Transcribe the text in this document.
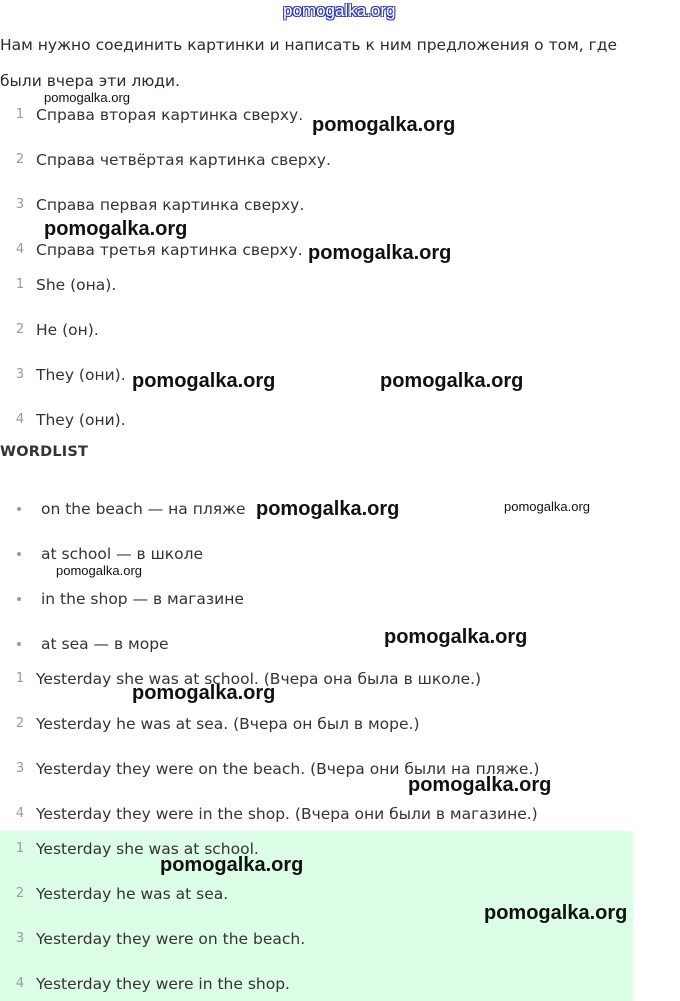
pomogalka.org
Нам нужно соединить картинки и написать к ним предложения о том, где были вчера эти люди.
1 Справа вторая картинка сверху.
2 Справа четвёртая картинка сверху.
3 Справа первая картинка сверху.
4 Справа третья картинка сверху.
1 She (она).
2 He (он).
3 They (они).
4 They (они).
WORDLIST
on the beach — на пляже
at school — в школе
in the shop — в магазине
at sea — в море
1 Yesterday she was at school. (Вчера она была в школе.)
2 Yesterday he was at sea. (Вчера он был в море.)
3 Yesterday they were on the beach. (Вчера они были на пляже.)
4 Yesterday they were in the shop. (Вчера они были в магазине.)
1 Yesterday she was at school.
2 Yesterday he was at sea.
3 Yesterday they were on the beach.
4 Yesterday they were in the shop.
pomogalka.org
pomogalka.org
pomogalka.org
pomogalka.org
pomogalka.org	pomogalka.org
pomogalka.org	pomogalka.org
pomogalka.org
pomogalka.org
pomogalka.org
pomogalka.org
pomogalka.org
pomogalka.org
